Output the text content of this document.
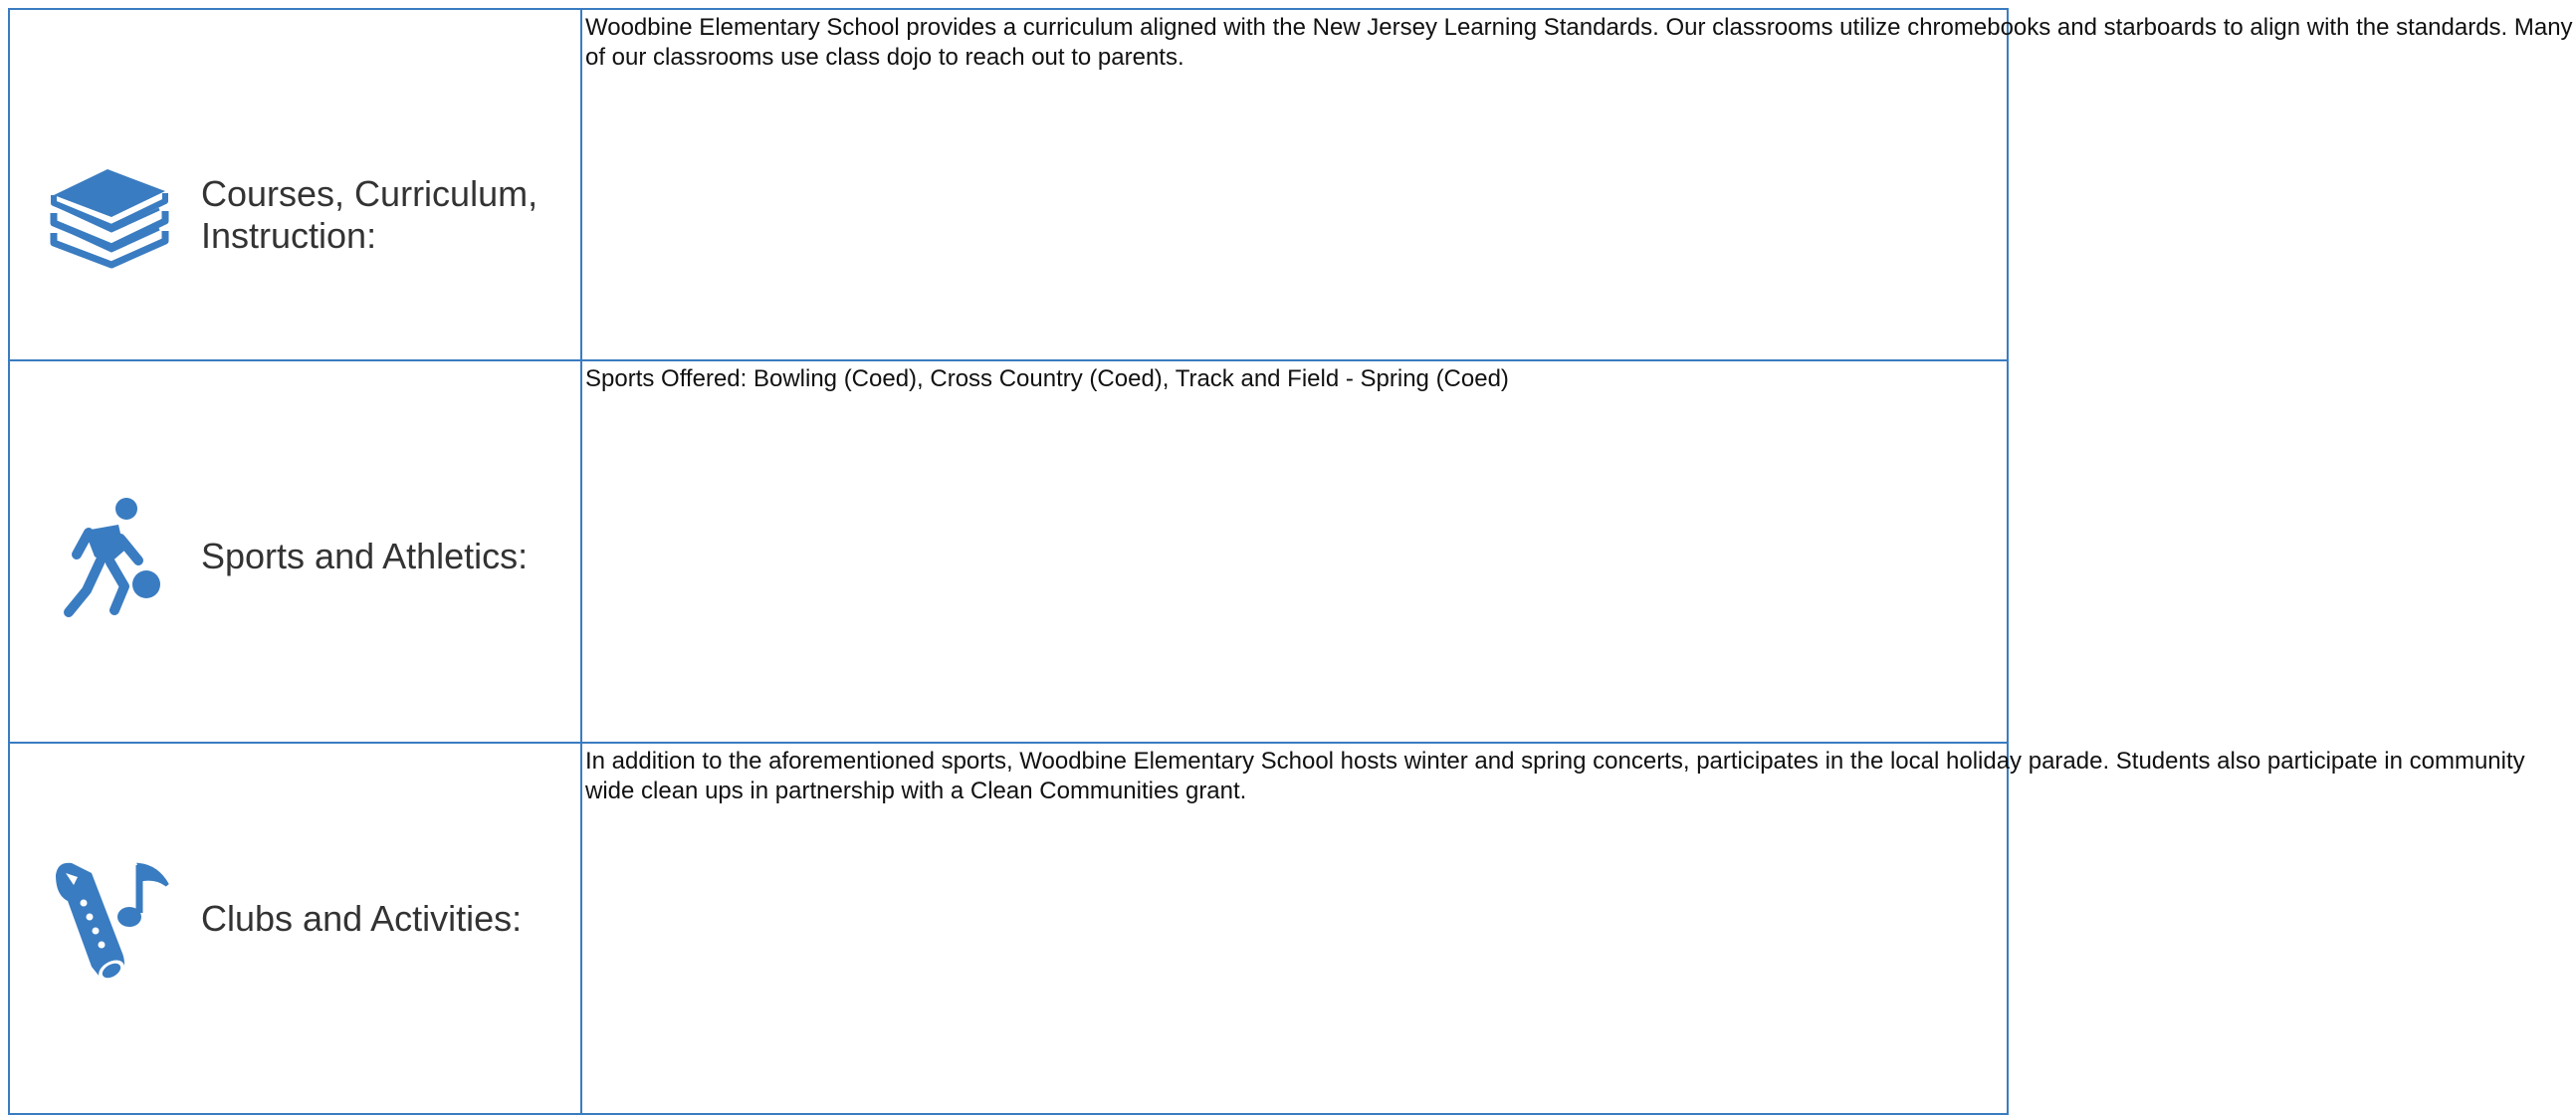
Courses, Curriculum,
Instruction:	Woodbine Elementary School provides a curriculum aligned with the New Jersey Learning Standards. Our classrooms utilize chromebooks and starboards to align with the standards. Many of our classrooms use class dojo to reach out to parents.

Sports and Athletics:	Sports Offered: Bowling (Coed), Cross Country (Coed), Track and Field - Spring (Coed)

Clubs and Activities:	In addition to the aforementioned sports, Woodbine Elementary School hosts winter and spring concerts, participates in the local holiday parade. Students also participate in community wide clean ups in partnership with a Clean Communities grant.
